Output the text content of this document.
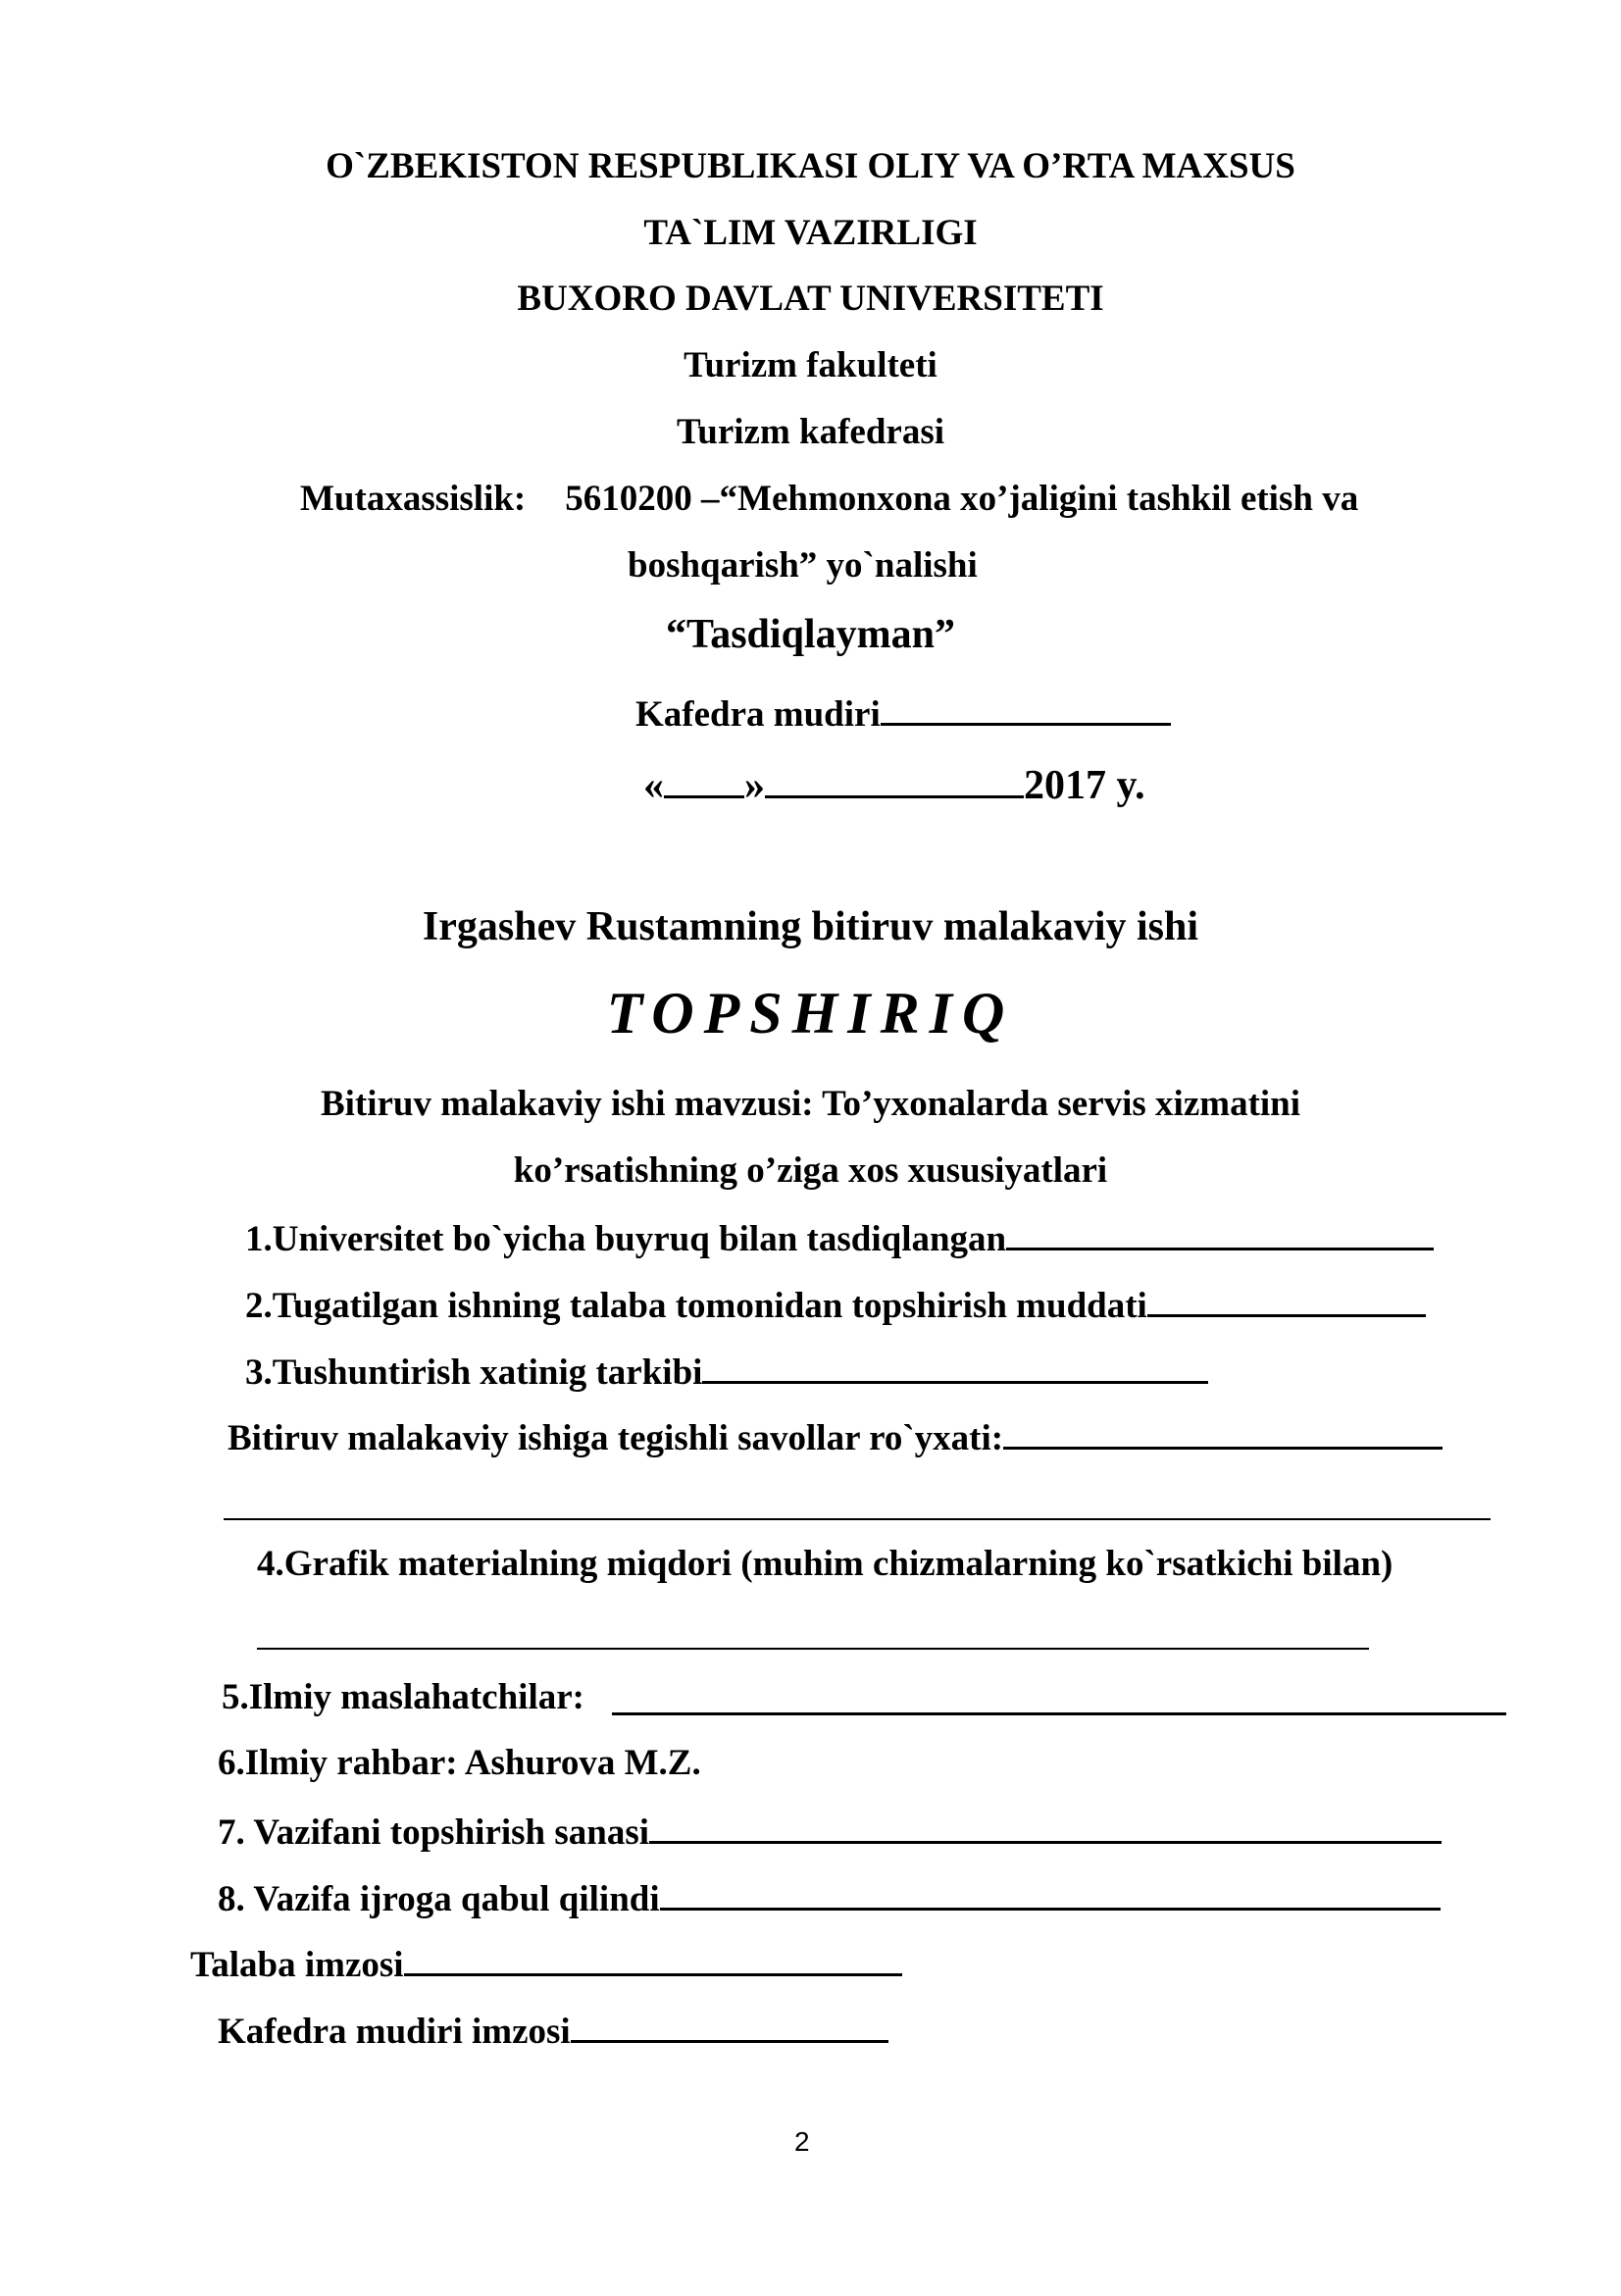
O`ZBEKISTON RESPUBLIKASI OLIY VA O’RTA MAXSUS
TA`LIM VAZIRLIGI
BUXORO DAVLAT UNIVERSITETI
Turizm fakulteti
Turizm kafedrasi
Mutaxassislik: 5610200 –“Mehmonxona xo’jaligini tashkil etish va
boshqarish” yo`nalishi
“Tasdiqlayman”
Kafedra mudiri
« »	2017 y.
Irgashev Rustamning bitiruv malakaviy ishi
TOPSHIRIQ
Bitiruv malakaviy ishi mavzusi: To’yxonalarda servis xizmatini
ko’rsatishning o’ziga xos xususiyatlari
1.Universitet bo`yicha buyruq bilan tasdiqlangan
2.Tugatilgan ishning talaba tomonidan topshirish muddati
3.Tushuntirish xatinig tarkibi
Bitiruv malakaviy ishiga tegishli savollar ro`yxati:
4.Grafik materialning miqdori (muhim chizmalarning ko`rsatkichi bilan)
5.Ilmiy maslahatchilar:
6.Ilmiy rahbar: Ashurova M.Z.
7. Vazifani topshirish sanasi
8. Vazifa ijroga qabul qilindi
Talaba imzosi
Kafedra mudiri imzosi
2
